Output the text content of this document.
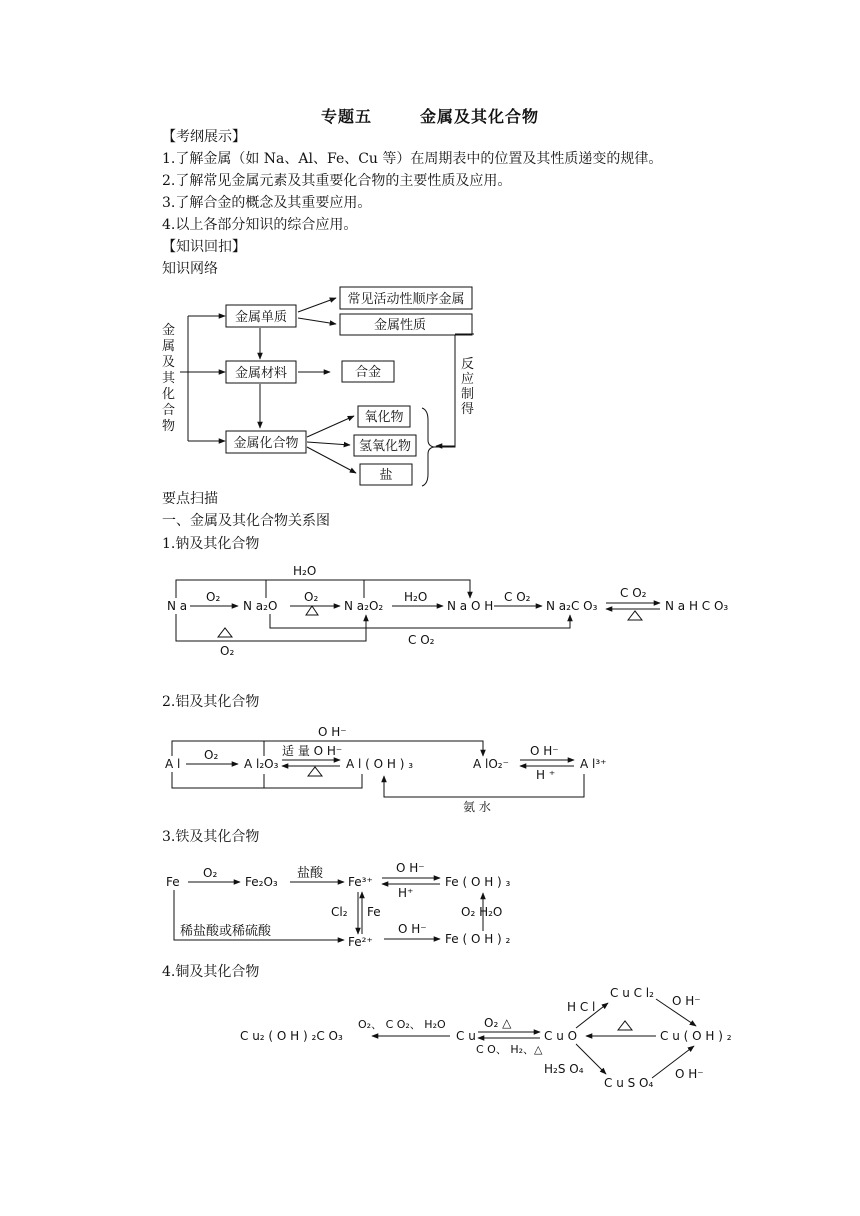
专题五	金属及其化合物
【考纲展示】
1.了解金属（如 Na、Al、Fe、Cu 等）在周期表中的位置及其性质递变的规律。
2.了解常见金属元素及其重要化合物的主要性质及应用。
3.了解合金的概念及其重要应用。
4.以上各部分知识的综合应用。
【知识回扣】
知识网络
要点扫描
一、金属及其化合物关系图
1.钠及其化合物
2.铝及其化合物
3.铁及其化合物
4.铜及其化合物
金
属
及
其
化
合
物
金属单质
金属材料
金属化合物
常见活动性顺序金属
金属性质
合金
氧化物
氢氧化物
盐
反
应
制
得
N a	N a₂O	N a₂O₂	N a O H	N a₂C O₃	N a H C O₃
O₂	O₂	H₂O	C O₂	C O₂
H₂O
O₂
C O₂
A l	A l₂O₃	A l ( O H ) ₃	A lO₂⁻	A l³⁺
O₂	适 量 O H⁻	O H⁻
H ⁺
O H⁻
氨 水
Fe	Fe₂O₃	Fe³⁺	Fe ( O H ) ₃
Fe²⁺	Fe ( O H ) ₂
O₂	盐酸	O H⁻
H⁺
Cl₂ Fe
O H⁻
O₂ H₂O
稀盐酸或稀硫酸
C u₂ ( O H ) ₂C O₃	C u	C u O
C u C l₂
C u S O₄
C u ( O H ) ₂
O₂、 C O₂、 H₂O	O₂ △
C O、 H₂、△
H C l
H₂S O₄
O H⁻
O H⁻
